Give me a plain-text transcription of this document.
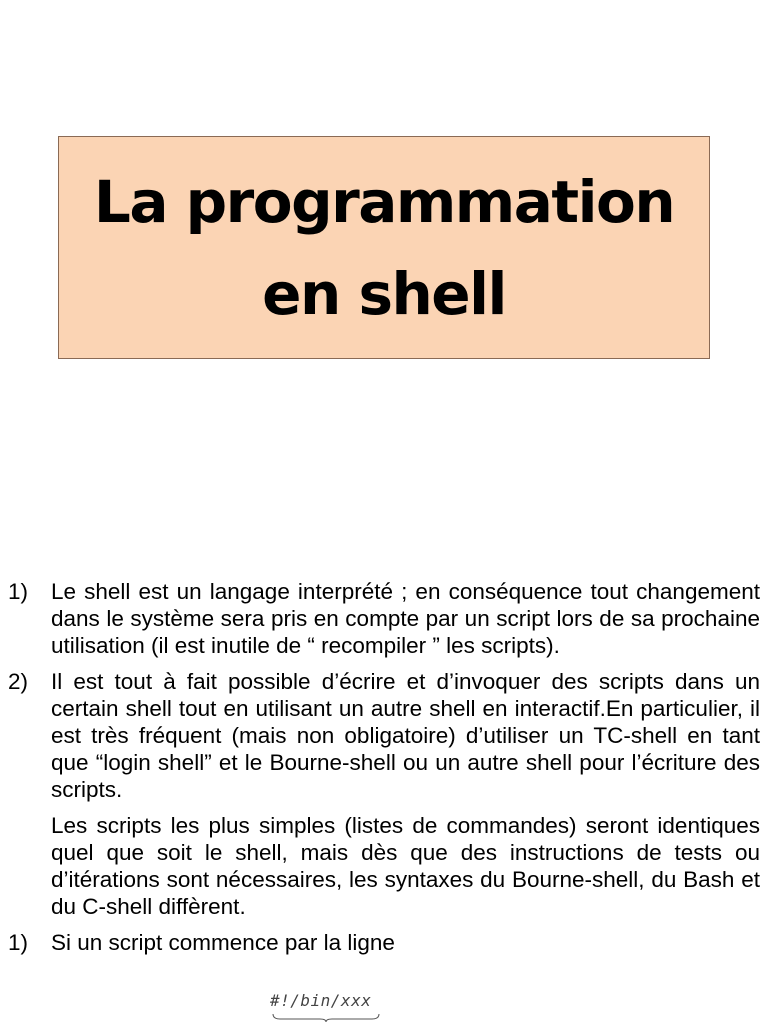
La programmation
en shell
1)	Le shell est un langage interprété ; en conséquence tout changement dans le système sera pris en compte par un script lors de sa prochaine utilisation (il est inutile de “ recompiler ” les scripts).
2)	Il est tout à fait possible d’écrire et d’invoquer des scripts dans un certain shell tout en utilisant un autre shell en interactif.En particulier, il est très fréquent (mais non obligatoire) d’utiliser un TC-shell en tant que “login shell” et le Bourne-shell ou un autre shell pour l’écriture des scripts.
Les scripts les plus simples (listes de commandes) seront identiques quel que soit le shell, mais dès que des instructions de tests ou d’itérations sont nécessaires, les syntaxes du Bourne-shell, du Bash et du C-shell diffèrent.
1)	Si un script commence par la ligne
#!/bin/xxx
